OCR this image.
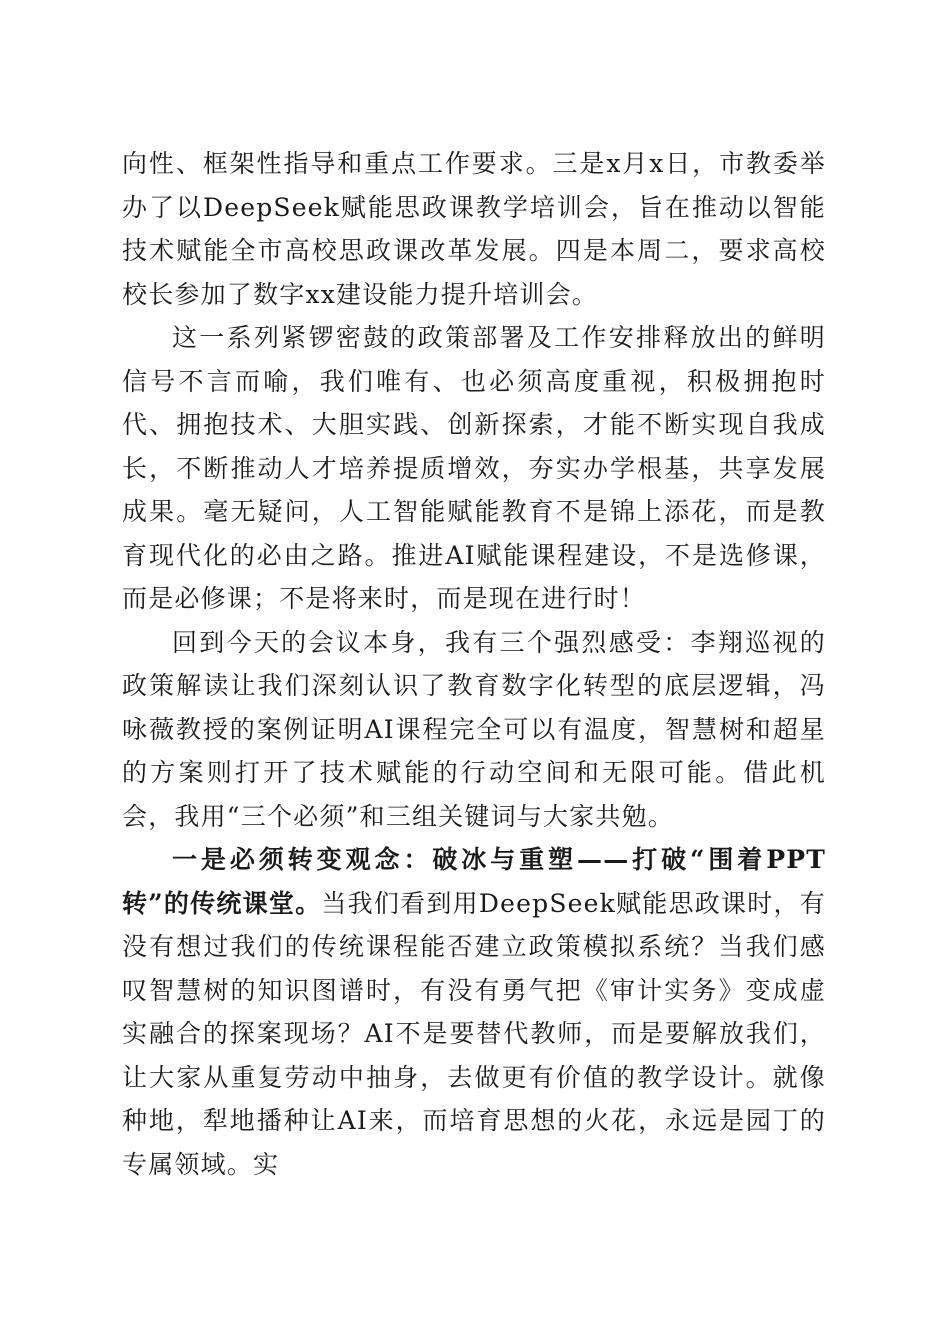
向性、框架性指导和重点工作要求。三是x月x日，市教委举办了以DeepSeek赋能思政课教学培训会，旨在推动以智能技术赋能全市高校思政课改革发展。四是本周二，要求高校校长参加了数字xx建设能力提升培训会。

这一系列紧锣密鼓的政策部署及工作安排释放出的鲜明信号不言而喻，我们唯有、也必须高度重视，积极拥抱时代、拥抱技术、大胆实践、创新探索，才能不断实现自我成长，不断推动人才培养提质增效，夯实办学根基，共享发展成果。毫无疑问，人工智能赋能教育不是锦上添花，而是教育现代化的必由之路。推进AI赋能课程建设，不是选修课，而是必修课；不是将来时，而是现在进行时！

回到今天的会议本身，我有三个强烈感受：李翔巡视的政策解读让我们深刻认识了教育数字化转型的底层逻辑，冯咏薇教授的案例证明AI课程完全可以有温度，智慧树和超星的方案则打开了技术赋能的行动空间和无限可能。借此机会，我用“三个必须”和三组关键词与大家共勉。

一是必须转变观念：破冰与重塑——打破“围着PPT转”的传统课堂。当我们看到用DeepSeek赋能思政课时，有没有想过我们的传统课程能否建立政策模拟系统？当我们感叹智慧树的知识图谱时，有没有勇气把《审计实务》变成虚实融合的探案现场？AI不是要替代教师，而是要解放我们，让大家从重复劳动中抽身，去做更有价值的教学设计。就像种地，犁地播种让AI来，而培育思想的火花，永远是园丁的专属领域。实
